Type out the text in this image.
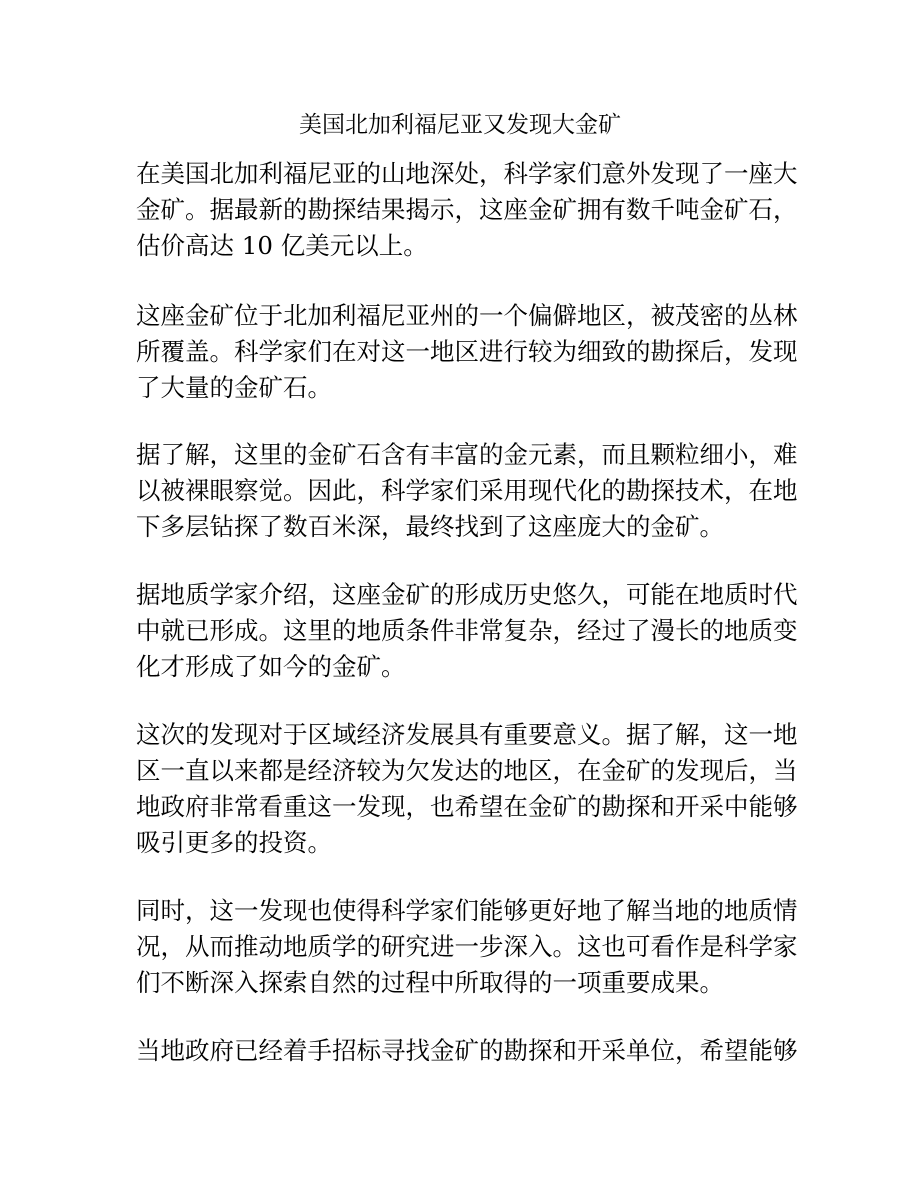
美国北加利福尼亚又发现大金矿
在美国北加利福尼亚的山地深处，科学家们意外发现了一座大
金矿。据最新的勘探结果揭示，这座金矿拥有数千吨金矿石，
估价高达 10 亿美元以上。
这座金矿位于北加利福尼亚州的一个偏僻地区，被茂密的丛林
所覆盖。科学家们在对这一地区进行较为细致的勘探后，发现
了大量的金矿石。
据了解，这里的金矿石含有丰富的金元素，而且颗粒细小，难
以被裸眼察觉。因此，科学家们采用现代化的勘探技术，在地
下多层钻探了数百米深，最终找到了这座庞大的金矿。
据地质学家介绍，这座金矿的形成历史悠久，可能在地质时代
中就已形成。这里的地质条件非常复杂，经过了漫长的地质变
化才形成了如今的金矿。
这次的发现对于区域经济发展具有重要意义。据了解，这一地
区一直以来都是经济较为欠发达的地区，在金矿的发现后，当
地政府非常看重这一发现，也希望在金矿的勘探和开采中能够
吸引更多的投资。
同时，这一发现也使得科学家们能够更好地了解当地的地质情
况，从而推动地质学的研究进一步深入。这也可看作是科学家
们不断深入探索自然的过程中所取得的一项重要成果。
当地政府已经着手招标寻找金矿的勘探和开采单位，希望能够
